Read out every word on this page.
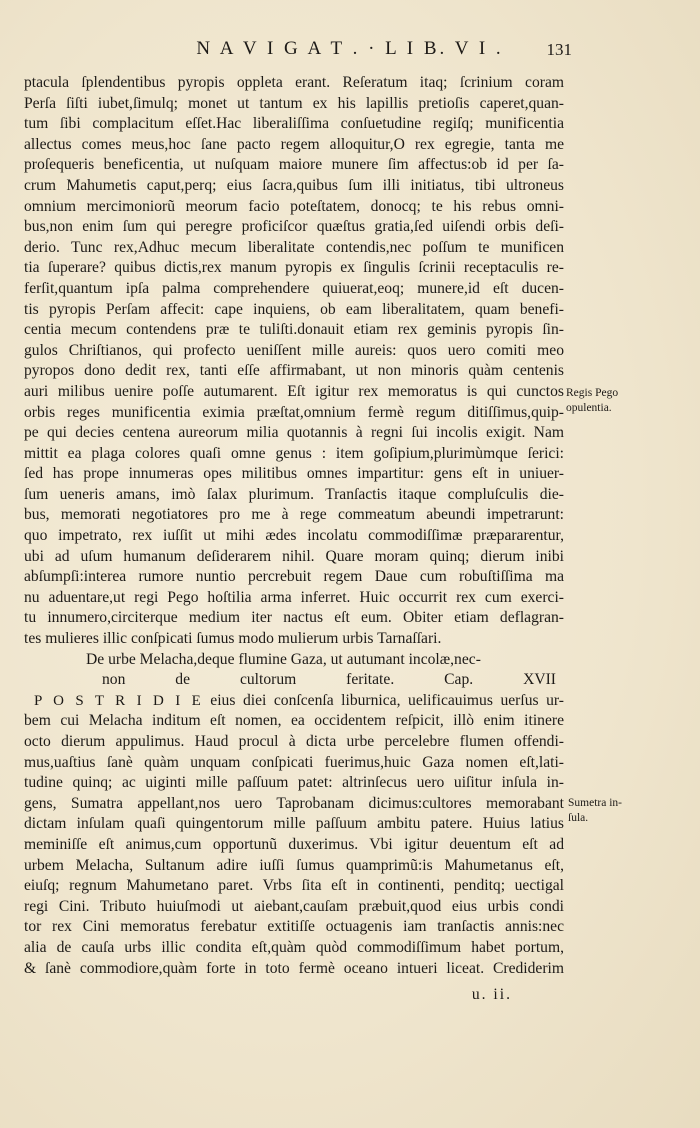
N A V I G A T . · L I B. V I .	131
ptacula ſplendentibus pyropis oppleta erant. Reſeratum itaq; ſcrinium coram
Perſa ſiſti iubet,ſimulq; monet ut tantum ex his lapillis pretioſis caperet,quan-
tum ſibi complacitum eſſet.Hac liberaliſſima conſuetudine regiſq; munificentia
allectus comes meus,hoc ſane pacto regem alloquitur,O rex egregie, tanta me
proſequeris beneficentia, ut nuſquam maiore munere ſim affectus:ob id per ſa-
crum Mahumetis caput,perq; eius ſacra,quibus ſum illi initiatus, tibi ultroneus
omnium mercimoniorũ meorum facio poteſtatem, donocq; te his rebus omni-
bus,non enim ſum qui peregre proficiſcor quæſtus gratia,ſed uiſendi orbis deſi-
derio. Tunc rex,Adhuc mecum liberalitate contendis,nec poſſum te munificen
tia ſuperare? quibus dictis,rex manum pyropis ex ſingulis ſcrinii receptaculis re-
ferſit,quantum ipſa palma comprehendere quiuerat,eoq; munere,id eſt ducen-
tis pyropis Perſam affecit: cape inquiens, ob eam liberalitatem, quam benefi-
centia mecum contendens præ te tuliſti.donauit etiam rex geminis pyropis ſin-
gulos Chriſtianos, qui profecto ueniſſent mille aureis: quos uero comiti meo
pyropos dono dedit rex, tanti eſſe affirmabant, ut non minoris quàm centenis
auri milibus uenire poſſe autumarent. Eſt igitur rex memoratus is qui cunctos
orbis reges munificentia eximia præſtat,omnium fermè regum ditiſſimus,quip-
pe qui decies centena aureorum milia quotannis à regni ſui incolis exigit. Nam
mittit ea plaga colores quaſi omne genus : item goſipium,plurimùmque ſerici:
ſed has prope innumeras opes militibus omnes impartitur: gens eſt in uniuer-
ſum ueneris amans, imò ſalax plurimum. Tranſactis itaque compluſculis die-
bus, memorati negotiatores pro me à rege commeatum abeundi impetrarunt:
quo impetrato, rex iuſſit ut mihi ædes incolatu commodiſſimæ præpararentur,
ubi ad uſum humanum deſiderarem nihil. Quare moram quinq; dierum inibi
abſumpſi:interea rumore nuntio percrebuit regem Daue cum robuſtiſſima ma
nu aduentare,ut regi Pego hoſtilia arma inferret. Huic occurrit rex cum exerci-
tu innumero,circiterque medium iter nactus eſt eum. Obiter etiam deflagran-
tes mulieres illic conſpicati ſumus modo mulierum urbis Tarnaſſari.
De urbe Melacha,deque flumine Gaza, ut autumant incolæ,nec-
non de cultorum feritate.	Cap. XVII
P O S T R I D I E eius diei conſcenſa liburnica, uelificauimus uerſus ur-
bem cui Melacha inditum eſt nomen, ea occidentem reſpicit, illò enim itinere
octo dierum appulimus. Haud procul à dicta urbe percelebre flumen offendi-
mus,uaſtius ſanè quàm unquam conſpicati fuerimus,huic Gaza nomen eſt,lati-
tudine quinq; ac uiginti mille paſſuum patet: altrinſecus uero uiſitur inſula in-
gens, Sumatra appellant,nos uero Taprobanam dicimus:cultores memorabant
dictam inſulam quaſi quingentorum mille paſſuum ambitu patere. Huius latius
meminiſſe eſt animus,cum opportunũ duxerimus. Vbi igitur deuentum eſt ad
urbem Melacha, Sultanum adire iuſſi ſumus quamprimũ:is Mahumetanus eſt,
eiuſq; regnum Mahumetano paret. Vrbs ſita eſt in continenti, penditq; uectigal
regi Cini. Tributo huiuſmodi ut aiebant,cauſam præbuit,quod eius urbis condi
tor rex Cini memoratus ferebatur extitiſſe octuagenis iam tranſactis annis:nec
alia de cauſa urbs illic condita eſt,quàm quòd commodiſſimum habet portum,
& ſanè commodiore,quàm forte in toto fermè oceano intueri liceat. Crediderim
Regis Pego
opulentia.
Sumetra in-
ſula.
u. ii.
